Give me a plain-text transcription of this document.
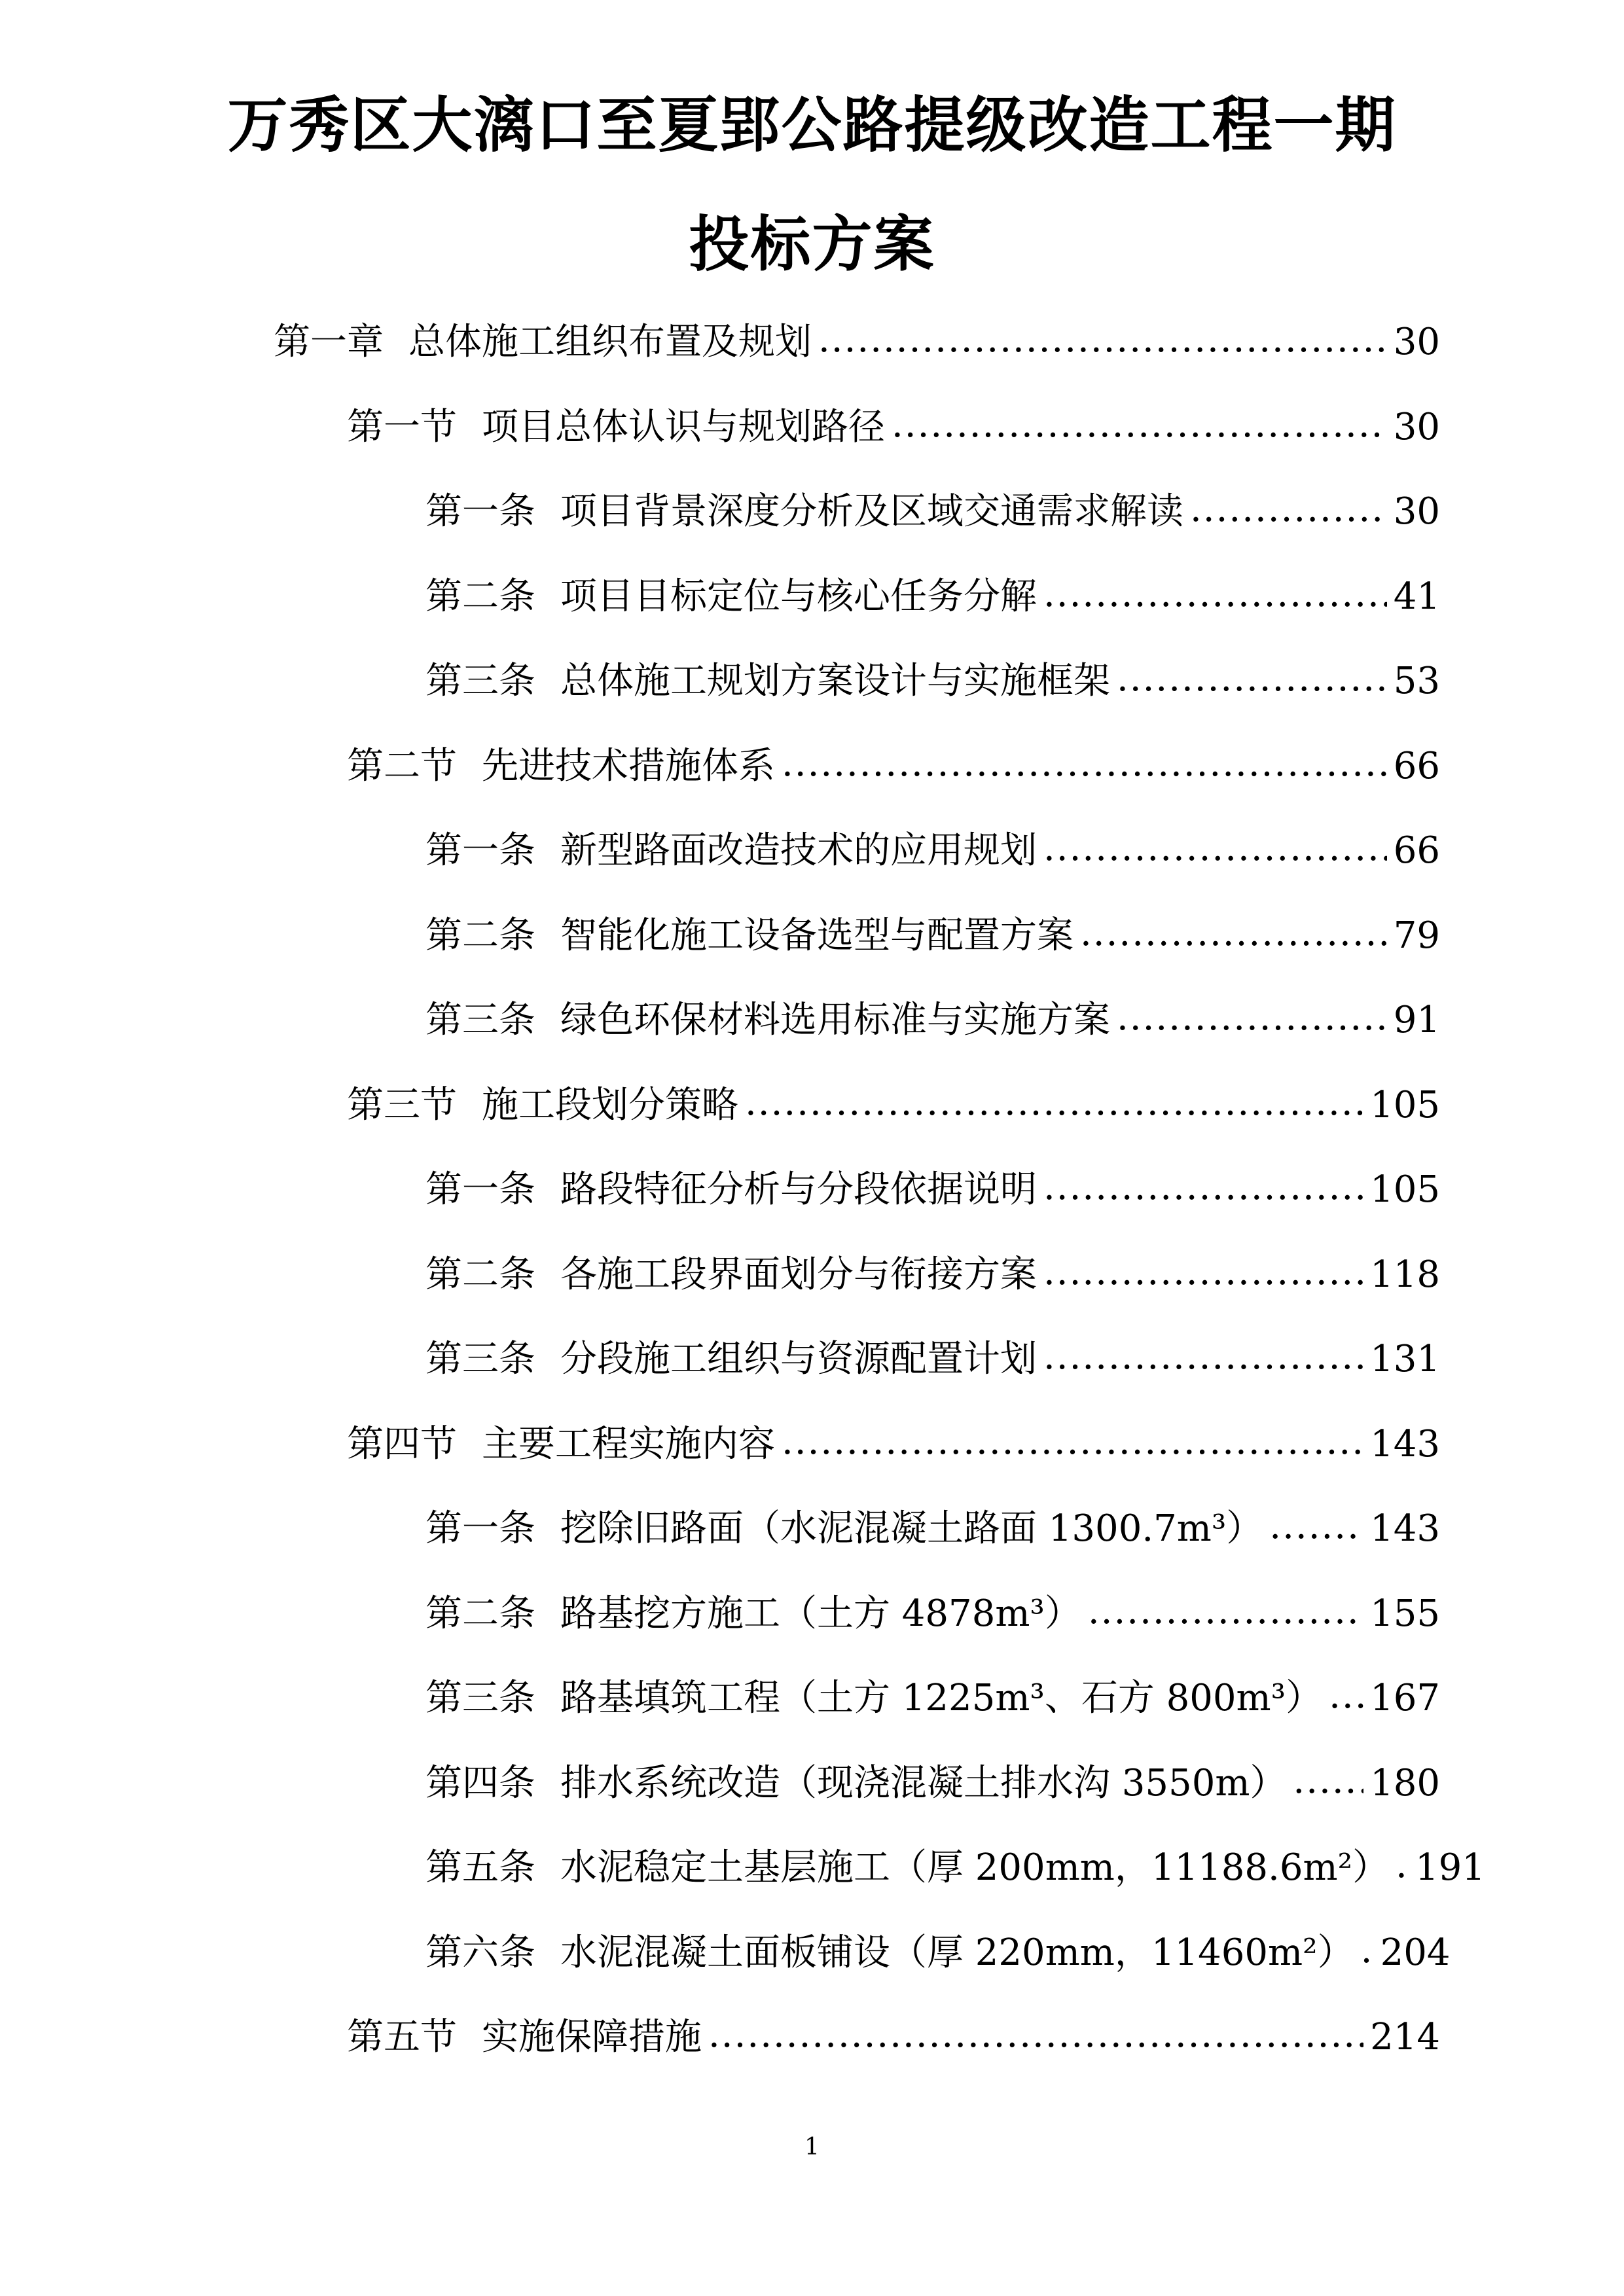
万秀区大漓口至夏郢公路提级改造工程一期
投标方案
第一章 总体施工组织布置及规划 .....	30
第一节 项目总体认识与规划路径 .....	30
第一条 项目背景深度分析及区域交通需求解读 .....	30
第二条 项目目标定位与核心任务分解 .....	41
第三条 总体施工规划方案设计与实施框架 .....	53
第二节 先进技术措施体系 .....	66
第一条 新型路面改造技术的应用规划 .....	66
第二条 智能化施工设备选型与配置方案 .....	79
第三条 绿色环保材料选用标准与实施方案 .....	91
第三节 施工段划分策略 .....	105
第一条 路段特征分析与分段依据说明 .....	105
第二条 各施工段界面划分与衔接方案 .....	118
第三条 分段施工组织与资源配置计划 .....	131
第四节 主要工程实施内容 .....	143
第一条 挖除旧路面（水泥混凝土路面 1300.7m³） .....	143
第二条 路基挖方施工（土方 4878m³） .....	155
第三条 路基填筑工程（土方 1225m³、石方 800m³） ..... 167
第四条 排水系统改造（现浇混凝土排水沟 3550m） ..... 180
第五条 水泥稳定土基层施工（厚 200mm，11188.6m²） ..... 191
第六条 水泥混凝土面板铺设（厚 220mm，11460m²） ..... 204
第五节 实施保障措施 .....	214
1
